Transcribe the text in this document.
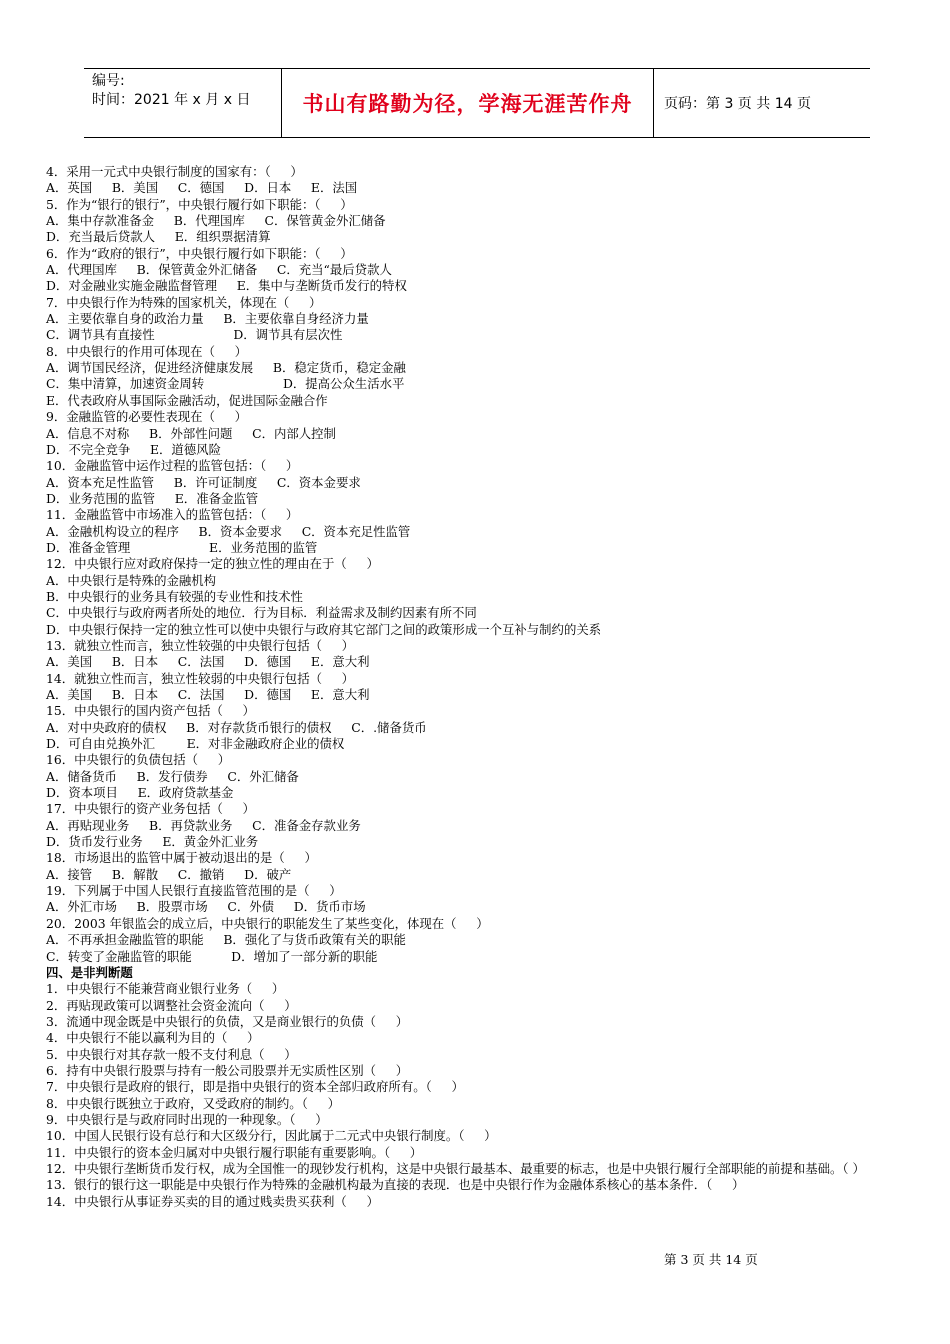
编号:
时间：2021 年 x 月 x 日	书山有路勤为径，学海无涯苦作舟 页码：第 3 页 共 14 页
4．采用一元式中央银行制度的国家有：（     ）
A．英国     B．美国     C．德国     D．日本     E．法国
5．作为“银行的银行”，中央银行履行如下职能：（     ）
A．集中存款准备金     B．代理国库     C．保管黄金外汇储备
D．充当最后贷款人     E．组织票据清算
6．作为“政府的银行”，中央银行履行如下职能：（     ）
A．代理国库     B．保管黄金外汇储备     C．充当“最后贷款人
D．对金融业实施金融监督管理     E．集中与垄断货币发行的特权
7．中央银行作为特殊的国家机关，体现在（     ）
A．主要依靠自身的政治力量     B．主要依靠自身经济力量
C．调节具有直接性                    D．调节具有层次性
8．中央银行的作用可体现在（     ）
A．调节国民经济，促进经济健康发展     B．稳定货币，稳定金融
C．集中清算，加速资金周转                    D．提高公众生活水平
E．代表政府从事国际金融活动，促进国际金融合作
9．金融监管的必要性表现在（     ）
A．信息不对称     B．外部性问题     C．内部人控制
D．不完全竞争     E．道德风险
10．金融监管中运作过程的监管包括：（     ）
A．资本充足性监管     B．许可证制度     C．资本金要求
D．业务范围的监管     E．准备金监管
11．金融监管中市场准入的监管包括：（     ）
A．金融机构设立的程序     B．资本金要求     C．资本充足性监管
D．准备金管理                    E．业务范围的监管
12．中央银行应对政府保持一定的独立性的理由在于（     ）
A．中央银行是特殊的金融机构
B．中央银行的业务具有较强的专业性和技术性
C．中央银行与政府两者所处的地位．行为目标．利益需求及制约因素有所不同
D．中央银行保持一定的独立性可以使中央银行与政府其它部门之间的政策形成一个互补与制约的关系
13．就独立性而言，独立性较强的中央银行包括（     ）
A．美国     B．日本     C．法国     D．德国     E．意大利
14．就独立性而言，独立性较弱的中央银行包括（     ）
A．美国     B．日本     C．法国     D．德国     E．意大利
15．中央银行的国内资产包括（     ）
A．对中央政府的债权     B．对存款货币银行的债权     C．.储备货币
D．可自由兑换外汇        E．对非金融政府企业的债权
16．中央银行的负债包括（     ）
A．储备货币     B．发行债券     C．外汇储备
D．资本项目     E．政府贷款基金
17．中央银行的资产业务包括（     ）
A．再贴现业务     B．再贷款业务     C．准备金存款业务
D．货币发行业务     E．黄金外汇业务
18．市场退出的监管中属于被动退出的是（     ）
A．接管     B．解散     C．撤销     D．破产
19．下列属于中国人民银行直接监管范围的是（     ）
A．外汇市场     B．股票市场     C．外债     D．货币市场
20．2003 年银监会的成立后，中央银行的职能发生了某些变化，体现在（     ）
A．不再承担金融监管的职能     B．强化了与货币政策有关的职能
C．转变了金融监管的职能          D．增加了一部分新的职能
四、是非判断题
1．中央银行不能兼营商业银行业务（     ）
2．再贴现政策可以调整社会资金流向（     ）
3．流通中现金既是中央银行的负债，又是商业银行的负债（     ）
4．中央银行不能以赢利为目的（     ）
5．中央银行对其存款一般不支付利息（     ）
6．持有中央银行股票与持有一般公司股票并无实质性区别（     ）
7．中央银行是政府的银行，即是指中央银行的资本全部归政府所有。（     ）
8．中央银行既独立于政府，又受政府的制约。（     ）
9．中央银行是与政府同时出现的一种现象。（     ）
10．中国人民银行设有总行和大区级分行，因此属于二元式中央银行制度。（     ）
11．中央银行的资本金归属对中央银行履行职能有重要影响。（     ）
12．中央银行垄断货币发行权，成为全国惟一的现钞发行机构，这是中央银行最基本、最重要的标志，也是中央银行履行全部职能的前提和基础。（ ）
13．银行的银行这一职能是中央银行作为特殊的金融机构最为直接的表现．也是中央银行作为金融体系核心的基本条件．（     ）
14．中央银行从事证券买卖的目的通过贱卖贵买获利（     ）
第 3 页 共 14 页
